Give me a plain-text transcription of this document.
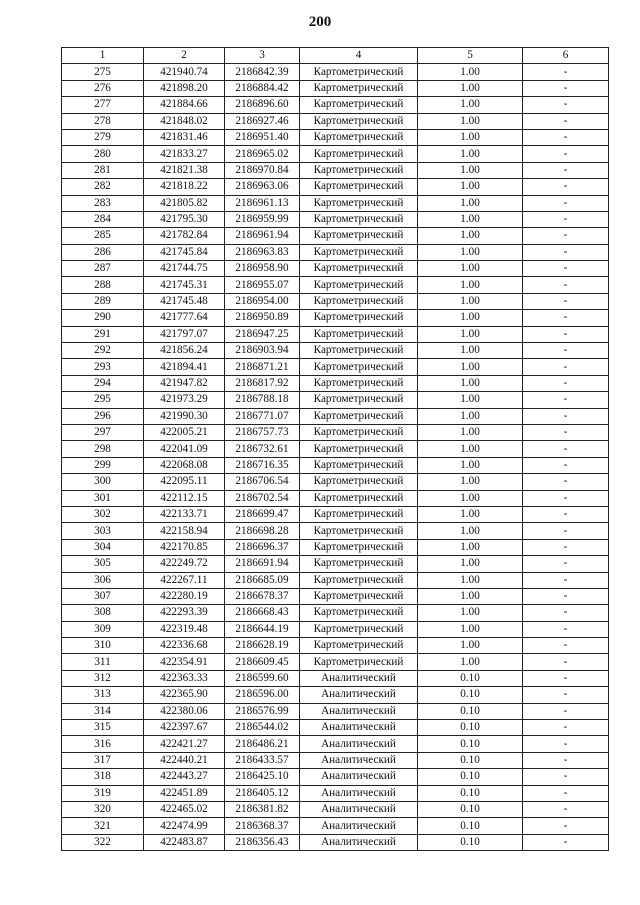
200
1	2	3	4	5	6
275	421940.74	2186842.39	Картометрический	1.00	-
276	421898.20	2186884.42	Картометрический	1.00	-
277	421884.66	2186896.60	Картометрический	1.00	-
278	421848.02	2186927.46	Картометрический	1.00	-
279	421831.46	2186951.40	Картометрический	1.00	-
280	421833.27	2186965.02	Картометрический	1.00	-
281	421821.38	2186970.84	Картометрический	1.00	-
282	421818.22	2186963.06	Картометрический	1.00	-
283	421805.82	2186961.13	Картометрический	1.00	-
284	421795.30	2186959.99	Картометрический	1.00	-
285	421782.84	2186961.94	Картометрический	1.00	-
286	421745.84	2186963.83	Картометрический	1.00	-
287	421744.75	2186958.90	Картометрический	1.00	-
288	421745.31	2186955.07	Картометрический	1.00	-
289	421745.48	2186954.00	Картометрический	1.00	-
290	421777.64	2186950.89	Картометрический	1.00	-
291	421797.07	2186947.25	Картометрический	1.00	-
292	421856.24	2186903.94	Картометрический	1.00	-
293	421894.41	2186871.21	Картометрический	1.00	-
294	421947.82	2186817.92	Картометрический	1.00	-
295	421973.29	2186788.18	Картометрический	1.00	-
296	421990.30	2186771.07	Картометрический	1.00	-
297	422005.21	2186757.73	Картометрический	1.00	-
298	422041.09	2186732.61	Картометрический	1.00	-
299	422068.08	2186716.35	Картометрический	1.00	-
300	422095.11	2186706.54	Картометрический	1.00	-
301	422112.15	2186702.54	Картометрический	1.00	-
302	422133.71	2186699.47	Картометрический	1.00	-
303	422158.94	2186698.28	Картометрический	1.00	-
304	422170.85	2186696.37	Картометрический	1.00	-
305	422249.72	2186691.94	Картометрический	1.00	-
306	422267.11	2186685.09	Картометрический	1.00	-
307	422280.19	2186678.37	Картометрический	1.00	-
308	422293.39	2186668.43	Картометрический	1.00	-
309	422319.48	2186644.19	Картометрический	1.00	-
310	422336.68	2186628.19	Картометрический	1.00	-
311	422354.91	2186609.45	Картометрический	1.00	-
312	422363.33	2186599.60	Аналитический	0.10	-
313	422365.90	2186596.00	Аналитический	0.10	-
314	422380.06	2186576.99	Аналитический	0.10	-
315	422397.67	2186544.02	Аналитический	0.10	-
316	422421.27	2186486.21	Аналитический	0.10	-
317	422440.21	2186433.57	Аналитический	0.10	-
318	422443.27	2186425.10	Аналитический	0.10	-
319	422451.89	2186405.12	Аналитический	0.10	-
320	422465.02	2186381.82	Аналитический	0.10	-
321	422474.99	2186368.37	Аналитический	0.10	-
322	422483.87	2186356.43	Аналитический	0.10	-
